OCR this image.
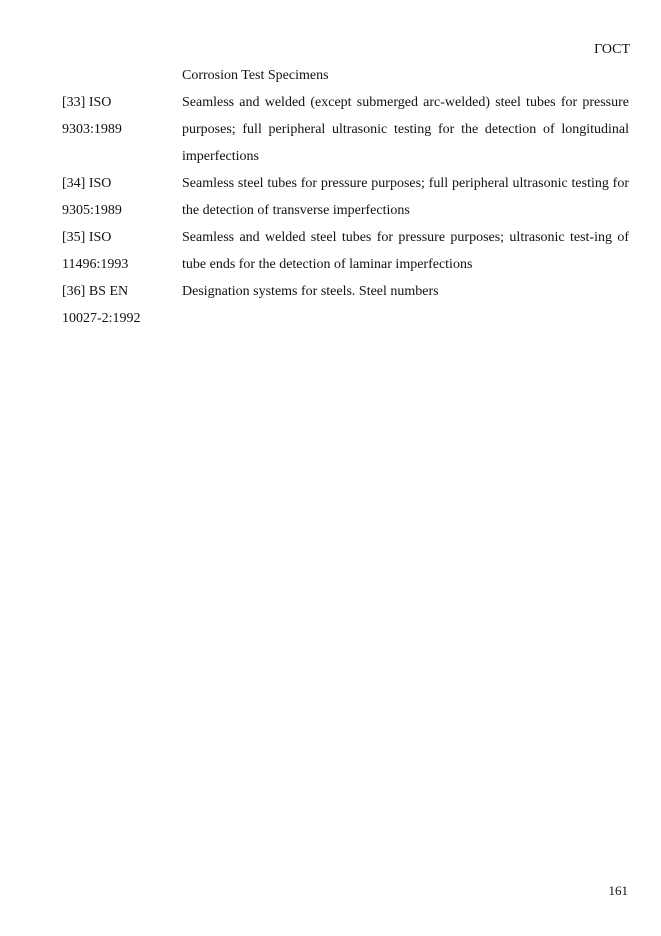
ГОСТ
Corrosion Test Specimens
[33] ISO
9303:1989
Seamless and welded (except submerged arc-welded) steel tubes for pressure purposes; full peripheral ultrasonic testing for the detection of longitudinal imperfections
[34] ISO
9305:1989
Seamless steel tubes for pressure purposes; full peripheral ultrasonic testing for the detection of transverse imperfections
[35] ISO
11496:1993
Seamless and welded steel tubes for pressure purposes; ultrasonic test-ing of tube ends for the detection of laminar imperfections
[36] BS EN
10027-2:1992
Designation systems for steels. Steel numbers
161
